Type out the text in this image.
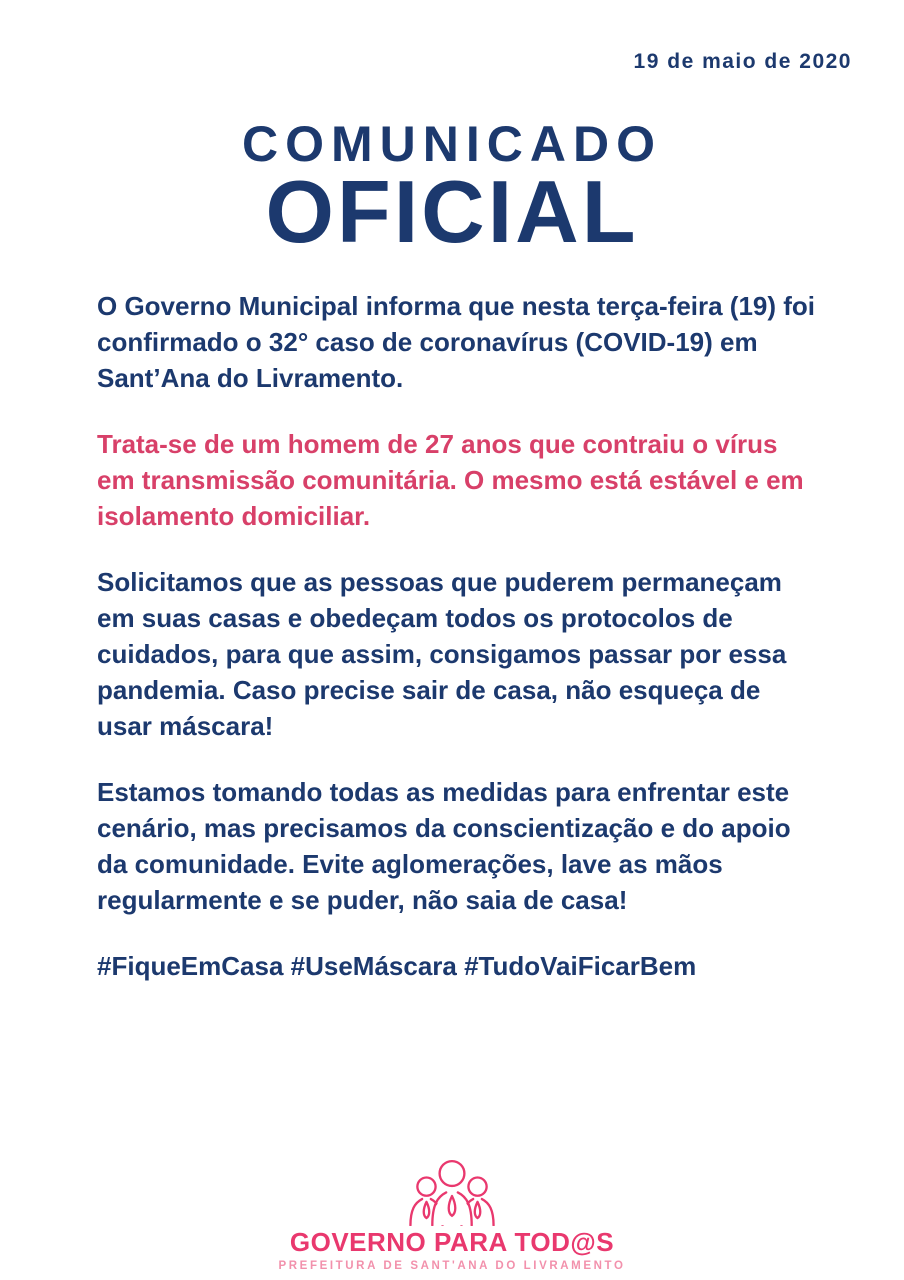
19 de maio de 2020
COMUNICADO
OFICIAL

O Governo Municipal informa que nesta terça-feira (19) foi confirmado o 32° caso de coronavírus (COVID-19) em Sant’Ana do Livramento.

Trata-se de um homem de 27 anos que contraiu o vírus em transmissão comunitária. O mesmo está estável e em isolamento domiciliar.

Solicitamos que as pessoas que puderem permaneçam em suas casas e obedeçam todos os protocolos de cuidados, para que assim, consigamos passar por essa pandemia. Caso precise sair de casa, não esqueça de usar máscara!

Estamos tomando todas as medidas para enfrentar este cenário, mas precisamos da conscientização e do apoio da comunidade. Evite aglomerações, lave as mãos regularmente e se puder, não saia de casa!

#FiqueEmCasa #UseMáscara #TudoVaiFicarBem

GOVERNO PARA TOD@S
PREFEITURA DE SANT'ANA DO LIVRAMENTO
